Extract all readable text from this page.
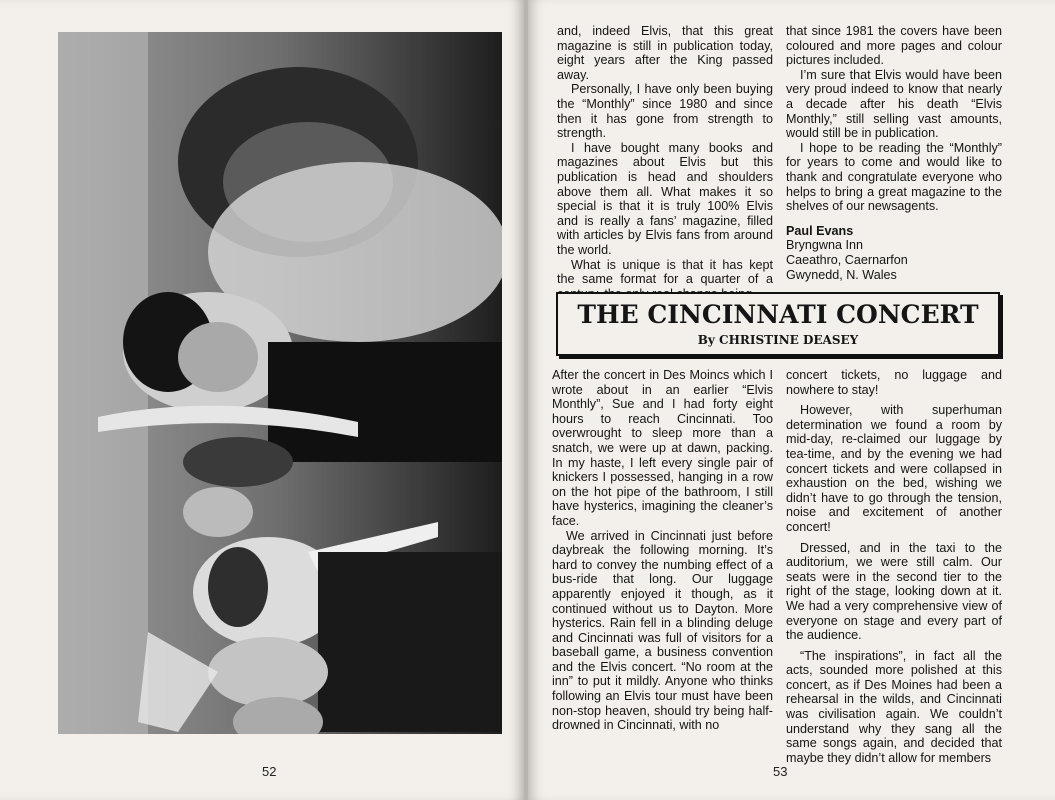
52

and, indeed Elvis, that this great magazine is still in publication today, eight years after the King passed away.

Personally, I have only been buying the “Monthly” since 1980 and since then it has gone from strength to strength.

I have bought many books and magazines about Elvis but this publication is head and shoulders above them all. What makes it so special is that it is truly 100% Elvis and is really a fans’ magazine, filled with articles by Elvis fans from around the world.

What is unique is that it has kept the same format for a quarter of a

that since 1981 the covers have been coloured and more pages and colour pictures included.

I’m sure that Elvis would have been very proud indeed to know that nearly a decade after his death “Elvis Monthly,” still selling vast amounts, would still be in publication.

I hope to be reading the “Monthly” for years to come and would like to thank and congratulate everyone who helps to bring a great magazine to the shelves of our newsagents.

Paul Evans
Bryngwna Inn
Caeathro, Caernarfon
Gwynedd, N. Wales
THE CINCINNATI CONCERT
By CHRISTINE DEASEY

After the concert in Des Moincs which I wrote about in an earlier “Elvis Monthly”, Sue and I had forty eight hours to reach Cincinnati. Too overwrought to sleep more than a snatch, we were up at dawn, packing. In my haste, I left every single pair of knickers I possessed, hanging in a row on the hot pipe of the bathroom, I still have hysterics, imagining the cleaner’s face.

We arrived in Cincinnati just before daybreak the following morning. It’s hard to convey the numbing effect of a bus-ride that long. Our luggage apparently enjoyed it though, as it continued without us to Dayton. More hysterics. Rain fell in a blinding deluge and Cincinnati was full of visitors for a baseball game, a business convention and the Elvis concert. “No room at the inn” to put it mildly. Anyone who thinks following an Elvis tour must have been non-stop heaven, should try being half-drowned in Cincinnati, with no

concert tickets, no luggage and nowhere to stay!

However, with superhuman determination we found a room by mid-day, re-claimed our luggage by tea-time, and by the evening we had concert tickets and were collapsed in exhaustion on the bed, wishing we didn’t have to go through the tension, noise and excitement of another concert!

Dressed, and in the taxi to the auditorium, we were still calm. Our seats were in the second tier to the right of the stage, looking down at it. We had a very comprehensive view of everyone on stage and every part of the audience.

“The inspirations”, in fact all the acts, sounded more polished at this concert, as if Des Moines had been a rehearsal in the wilds, and Cincinnati was civilisation again. We couldn’t understand why they sang all the same songs again, and decided that maybe they didn’t allow for members

53
